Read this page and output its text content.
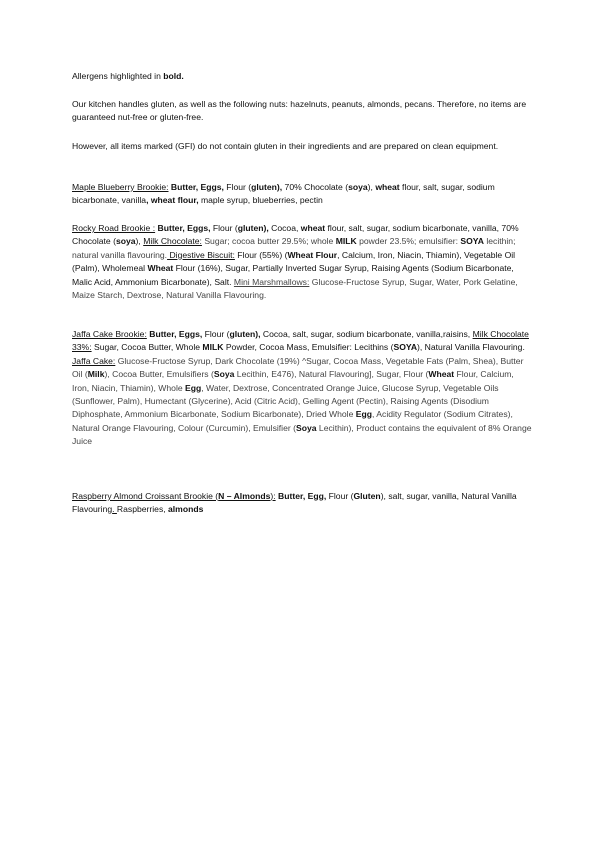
Allergens highlighted in bold.

Our kitchen handles gluten, as well as the following nuts: hazelnuts, peanuts, almonds, pecans. Therefore, no items are guaranteed nut-free or gluten-free.

However, all items marked (GFI) do not contain gluten in their ingredients and are prepared on clean equipment.

Maple Blueberry Brookie: Butter, Eggs, Flour (gluten), 70% Chocolate (soya), wheat flour, salt, sugar, sodium bicarbonate, vanilla, wheat flour, maple syrup, blueberries, pectin

Rocky Road Brookie : Butter, Eggs, Flour (gluten), Cocoa, wheat flour, salt, sugar, sodium bicarbonate, vanilla, 70% Chocolate (soya), Milk Chocolate: Sugar; cocoa butter 29.5%; whole MILK powder 23.5%; emulsifier: SOYA lecithin; natural vanilla flavouring. Digestive Biscuit: Flour (55%) (Wheat Flour, Calcium, Iron, Niacin, Thiamin), Vegetable Oil (Palm), Wholemeal Wheat Flour (16%), Sugar, Partially Inverted Sugar Syrup, Raising Agents (Sodium Bicarbonate, Malic Acid, Ammonium Bicarbonate), Salt. Mini Marshmallows: Glucose-Fructose Syrup, Sugar, Water, Pork Gelatine, Maize Starch, Dextrose, Natural Vanilla Flavouring.

Jaffa Cake Brookie: Butter, Eggs, Flour (gluten), Cocoa, salt, sugar, sodium bicarbonate, vanilla,raisins, Milk Chocolate 33%: Sugar, Cocoa Butter, Whole MILK Powder, Cocoa Mass, Emulsifier: Lecithins (SOYA), Natural Vanilla Flavouring. Jaffa Cake: Glucose-Fructose Syrup, Dark Chocolate (19%) ^Sugar, Cocoa Mass, Vegetable Fats (Palm, Shea), Butter Oil (Milk), Cocoa Butter, Emulsifiers (Soya Lecithin, E476), Natural Flavouring], Sugar, Flour (Wheat Flour, Calcium, Iron, Niacin, Thiamin), Whole Egg, Water, Dextrose, Concentrated Orange Juice, Glucose Syrup, Vegetable Oils (Sunflower, Palm), Humectant (Glycerine), Acid (Citric Acid), Gelling Agent (Pectin), Raising Agents (Disodium Diphosphate, Ammonium Bicarbonate, Sodium Bicarbonate), Dried Whole Egg, Acidity Regulator (Sodium Citrates), Natural Orange Flavouring, Colour (Curcumin), Emulsifier (Soya Lecithin), Product contains the equivalent of 8% Orange Juice

Raspberry Almond Croissant Brookie (N – Almonds): Butter, Egg, Flour (Gluten), salt, sugar, vanilla, Natural Vanilla Flavouring. Raspberries, almonds
